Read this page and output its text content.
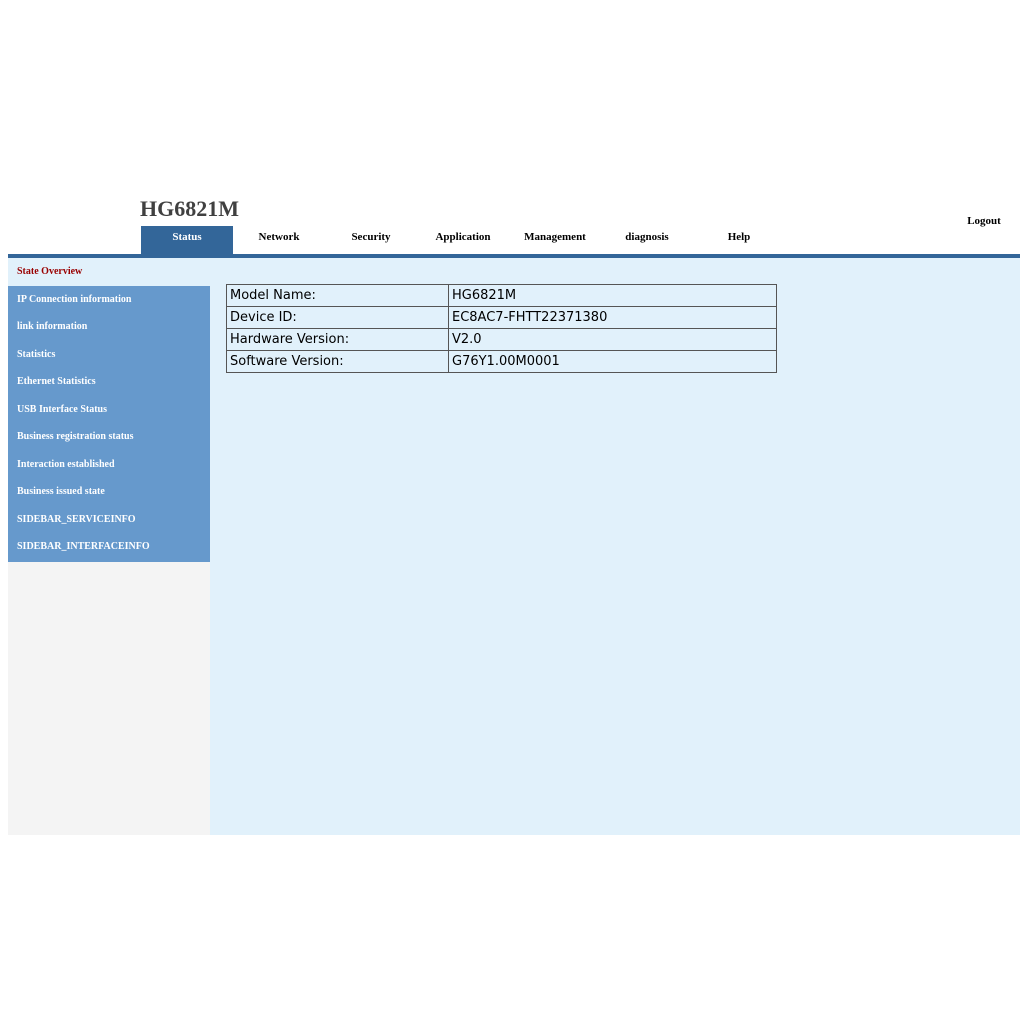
HG6821M	Logout
Status	Network	Security	Application	Management	diagnosis	Help
State Overview
IP Connection information
link information
Statistics
Ethernet Statistics
USB Interface Status
Business registration status
Interaction established
Business issued state
SIDEBAR_SERVICEINFO
SIDEBAR_INTERFACEINFO
Model Name:	HG6821M
Device ID:	EC8AC7-FHTT22371380
Hardware Version:	V2.0
Software Version:	G76Y1.00M0001
